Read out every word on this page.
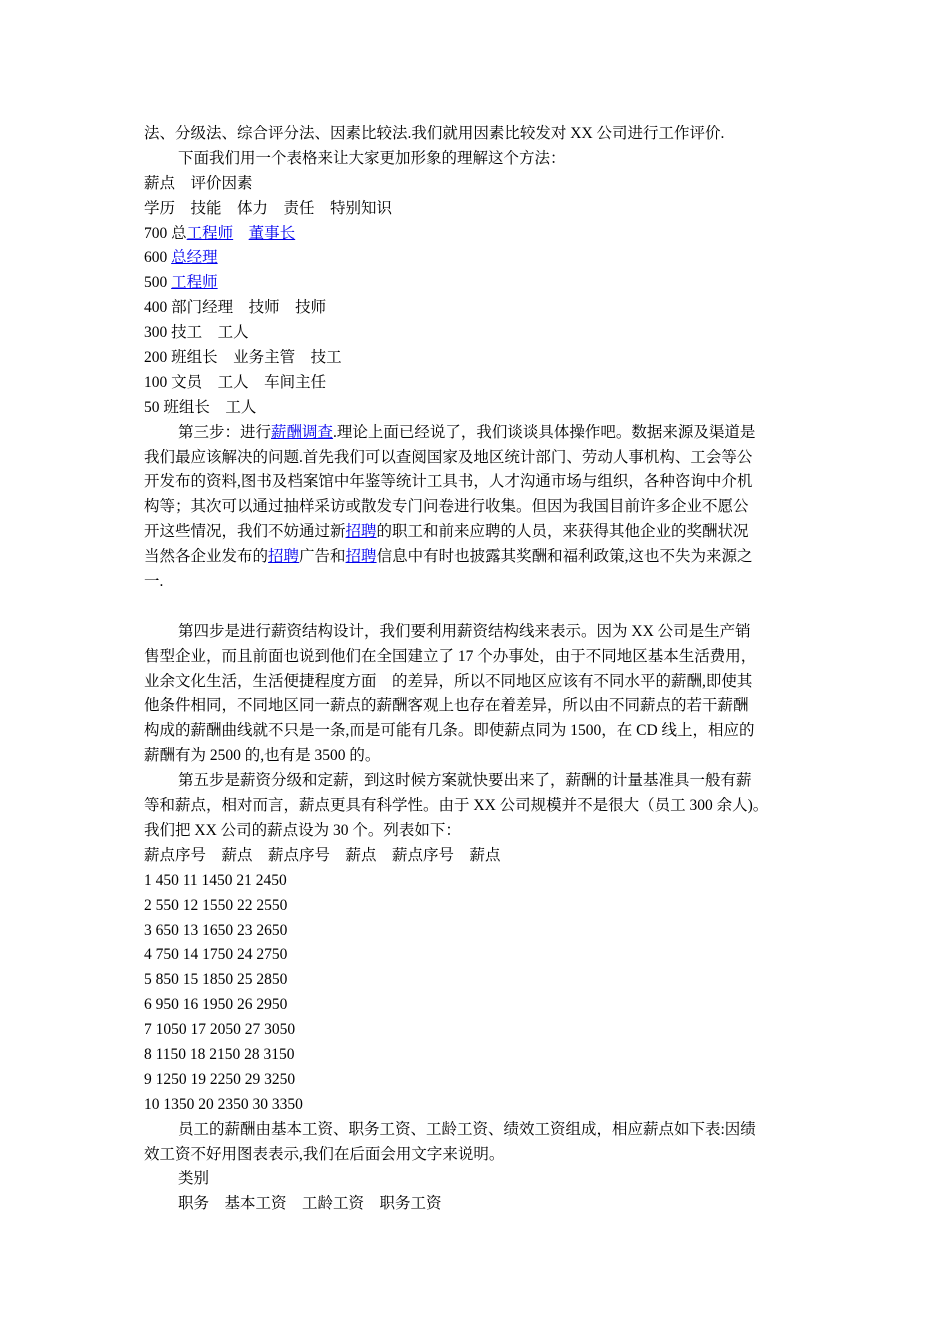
法、分级法、综合评分法、因素比较法.我们就用因素比较发对 XX 公司进行工作评价.
下面我们用一个表格来让大家更加形象的理解这个方法：
薪点    评价因素
学历    技能    体力    责任    特别知识
700 总工程师 董事长
600 总经理
500 工程师
400 部门经理    技师    技师
300 技工    工人
200 班组长    业务主管    技工
100 文员    工人    车间主任
50 班组长    工人
第三步：进行薪酬调查.理论上面已经说了，我们谈谈具体操作吧。数据来源及渠道是
我们最应该解决的问题.首先我们可以查阅国家及地区统计部门、劳动人事机构、工会等公
开发布的资料,图书及档案馆中年鉴等统计工具书，人才沟通市场与组织，各种咨询中介机
构等；其次可以通过抽样采访或散发专门问卷进行收集。但因为我国目前许多企业不愿公
开这些情况，我们不妨通过新招聘的职工和前来应聘的人员，来获得其他企业的奖酬状况
当然各企业发布的招聘广告和招聘信息中有时也披露其奖酬和福利政策,这也不失为来源之
一.
第四步是进行薪资结构设计，我们要利用薪资结构线来表示。因为 XX 公司是生产销
售型企业，而且前面也说到他们在全国建立了 17 个办事处，由于不同地区基本生活费用，
业余文化生活，生活便捷程度方面    的差异，所以不同地区应该有不同水平的薪酬,即使其
他条件相同，不同地区同一薪点的薪酬客观上也存在着差异，所以由不同薪点的若干薪酬
构成的薪酬曲线就不只是一条,而是可能有几条。即使薪点同为 1500，在 CD 线上，相应的
薪酬有为 2500 的,也有是 3500 的。
第五步是薪资分级和定薪，到这时候方案就快要出来了，薪酬的计量基准具一般有薪
等和薪点，相对而言，薪点更具有科学性。由于 XX 公司规模并不是很大（员工 300 余人)。
我们把 XX 公司的薪点设为 30 个。列表如下：
薪点序号    薪点    薪点序号    薪点    薪点序号    薪点
1 450 11 1450 21 2450
2 550 12 1550 22 2550
3 650 13 1650 23 2650
4 750 14 1750 24 2750
5 850 15 1850 25 2850
6 950 16 1950 26 2950
7 1050 17 2050 27 3050
8 1150 18 2150 28 3150
9 1250 19 2250 29 3250
10 1350 20 2350 30 3350
员工的薪酬由基本工资、职务工资、工龄工资、绩效工资组成，相应薪点如下表:因绩
效工资不好用图表表示,我们在后面会用文字来说明。
类别
职务    基本工资    工龄工资    职务工资
